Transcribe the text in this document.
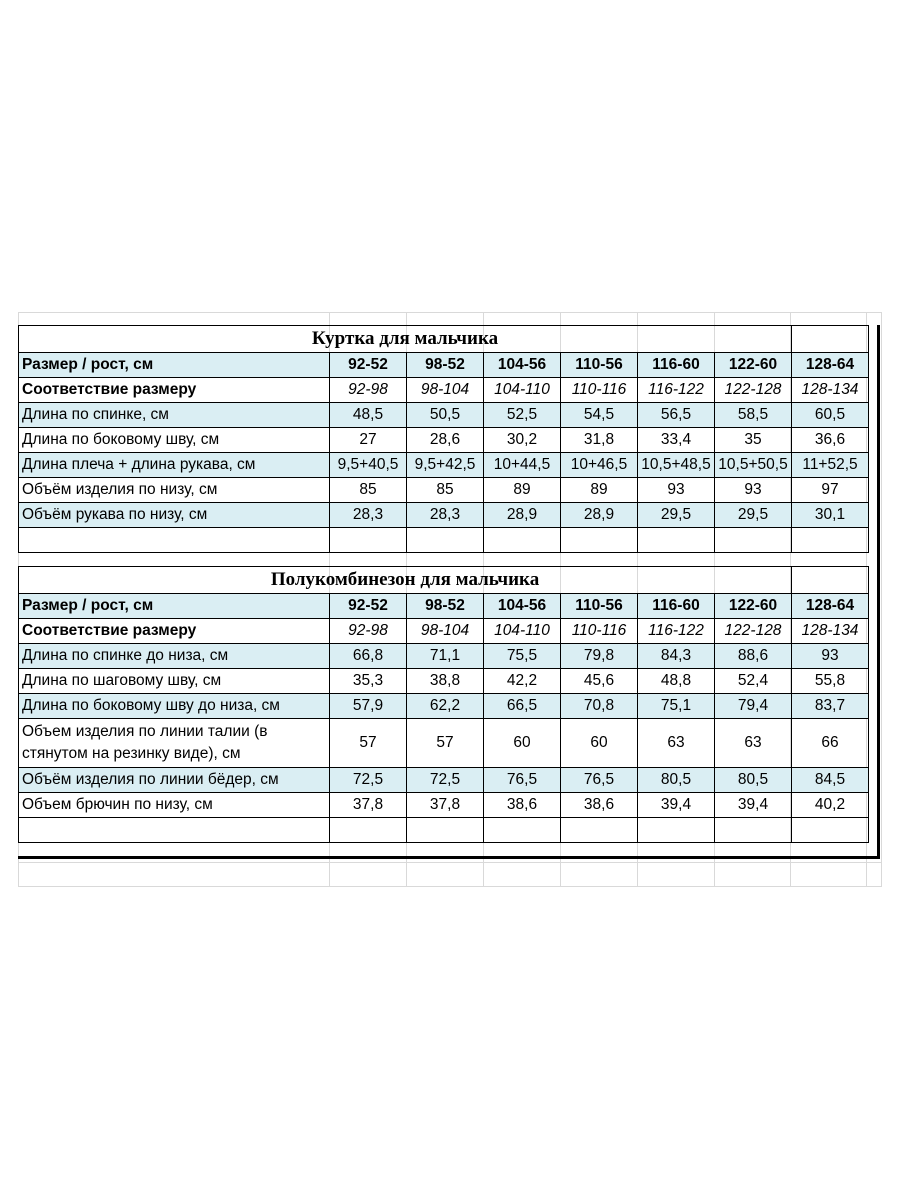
Куртка для мальчика							
Размер / рост, см	92-52	98-52	104-56	110-56	116-60	122-60	128-64
Соответствие размеру	92-98	98-104	104-110	110-116	116-122	122-128	128-134
Длина по спинке, см	48,5	50,5	52,5	54,5	56,5	58,5	60,5
Длина по боковому шву, см	27	28,6	30,2	31,8	33,4	35	36,6
Длина плеча + длина рукава, см	9,5+40,5	9,5+42,5	10+44,5	10+46,5	10,5+48,5	10,5+50,5	11+52,5
Объём изделия по низу, см	85	85	89	89	93	93	97
Объём рукава по низу, см	28,3	28,3	28,9	28,9	29,5	29,5	30,1

Полукомбинезон для мальчика							
Размер / рост, см	92-52	98-52	104-56	110-56	116-60	122-60	128-64
Соответствие размеру	92-98	98-104	104-110	110-116	116-122	122-128	128-134
Длина по спинке до низа, см	66,8	71,1	75,5	79,8	84,3	88,6	93
Длина по шаговому шву, см	35,3	38,8	42,2	45,6	48,8	52,4	55,8
Длина по боковому шву до низа, см	57,9	62,2	66,5	70,8	75,1	79,4	83,7
Объем изделия по линии талии (в стянутом на резинку виде), см	57	57	60	60	63	63	66
Объём изделия по линии бёдер, см	72,5	72,5	76,5	76,5	80,5	80,5	84,5
Объем брючин по низу, см	37,8	37,8	38,6	38,6	39,4	39,4	40,2
